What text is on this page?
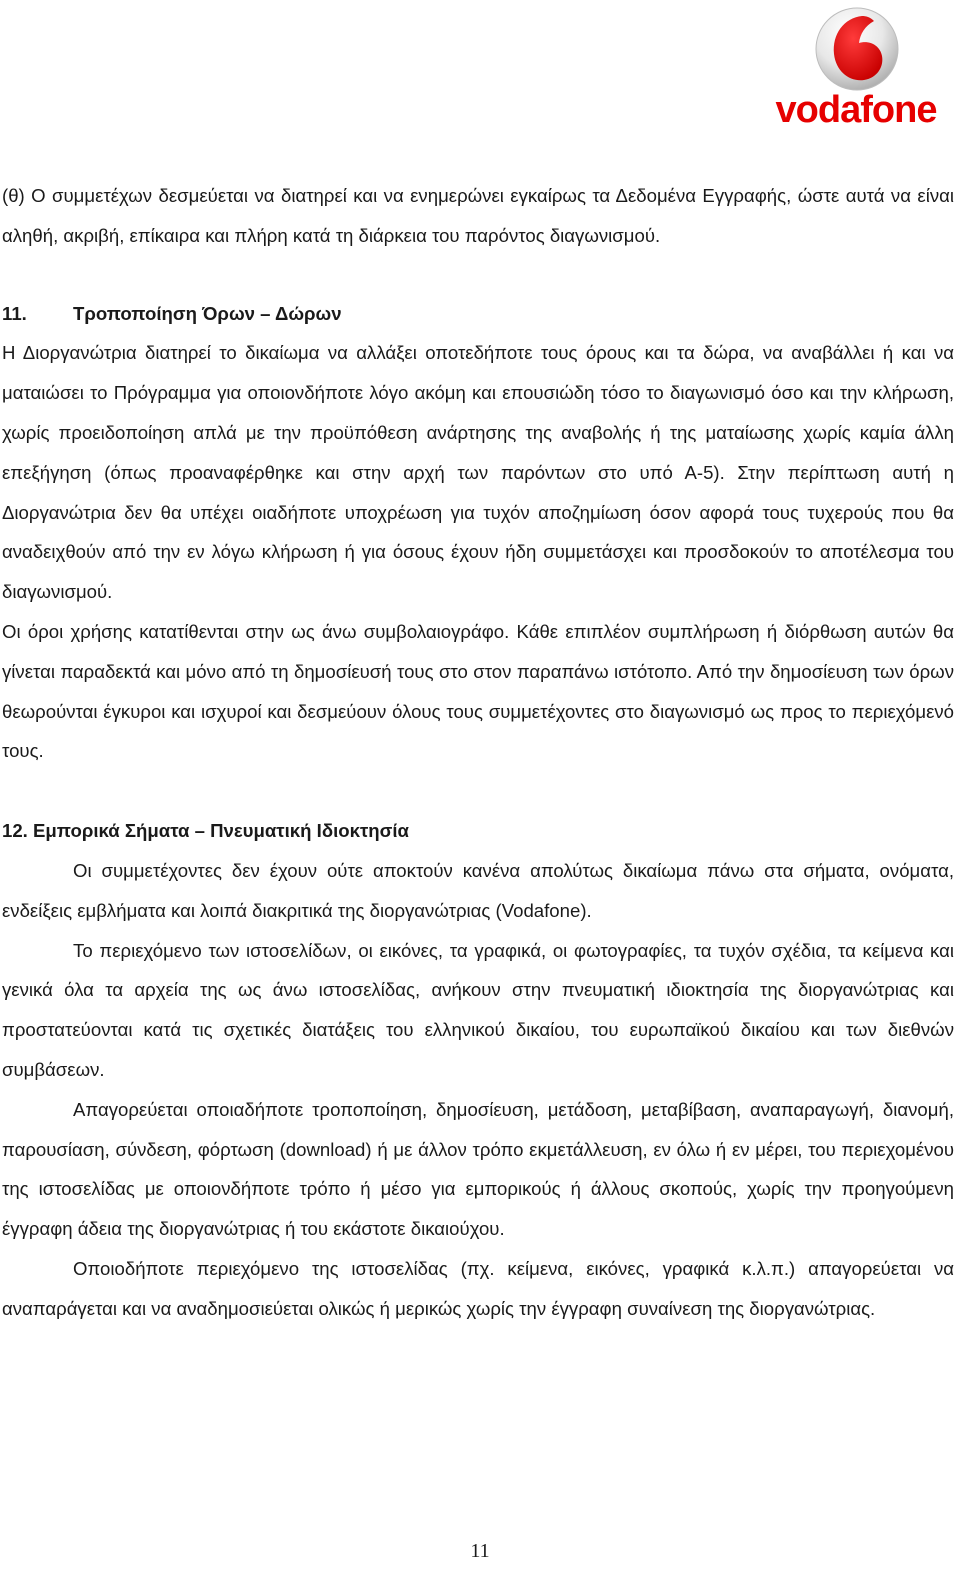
vodafone

(θ) Ο συμμετέχων δεσμεύεται να διατηρεί και να ενημερώνει εγκαίρως τα Δεδομένα Εγγραφής, ώστε αυτά να είναι αληθή, ακριβή, επίκαιρα και πλήρη κατά τη διάρκεια του παρόντος διαγωνισμού.

11. Τροποποίηση Όρων – Δώρων

Η Διοργανώτρια διατηρεί το δικαίωμα να αλλάξει οποτεδήποτε τους όρους και τα δώρα, να αναβάλλει ή και να ματαιώσει το Πρόγραμμα για οποιονδήποτε λόγο ακόμη και επουσιώδη τόσο το διαγωνισμό όσο και την κλήρωση, χωρίς προειδοποίηση απλά με την προϋπόθεση ανάρτησης της αναβολής ή της ματαίωσης χωρίς καμία άλλη επεξήγηση (όπως προαναφέρθηκε και στην αρχή των παρόντων στο υπό Α-5). Στην περίπτωση αυτή η Διοργανώτρια δεν θα υπέχει οιαδήποτε υποχρέωση για τυχόν αποζημίωση όσον αφορά τους τυχερούς που θα αναδειχθούν από την εν λόγω κλήρωση ή για όσους έχουν ήδη συμμετάσχει και προσδοκούν το αποτέλεσμα του διαγωνισμού.

Οι όροι χρήσης κατατίθενται στην ως άνω συμβολαιογράφο. Κάθε επιπλέον συμπλήρωση ή διόρθωση αυτών θα γίνεται παραδεκτά και μόνο από τη δημοσίευσή τους στο στον παραπάνω ιστότοπο. Από την δημοσίευση των όρων θεωρούνται έγκυροι και ισχυροί και δεσμεύουν όλους τους συμμετέχοντες στο διαγωνισμό ως προς το περιεχόμενό τους.

12. Εμπορικά Σήματα – Πνευματική Ιδιοκτησία

Οι συμμετέχοντες δεν έχουν ούτε αποκτούν κανένα απολύτως δικαίωμα πάνω στα σήματα, ονόματα, ενδείξεις εμβλήματα και λοιπά διακριτικά της διοργανώτριας (Vodafone).

Το περιεχόμενο των ιστοσελίδων, οι εικόνες, τα γραφικά, οι φωτογραφίες, τα τυχόν σχέδια, τα κείμενα και γενικά όλα τα αρχεία της ως άνω ιστοσελίδας, ανήκουν στην πνευματική ιδιοκτησία της διοργανώτριας και προστατεύονται κατά τις σχετικές διατάξεις του ελληνικού δικαίου, του ευρωπαϊκού δικαίου και των διεθνών συμβάσεων.

Απαγορεύεται οποιαδήποτε τροποποίηση, δημοσίευση, μετάδοση, μεταβίβαση, αναπαραγωγή, διανομή, παρουσίαση, σύνδεση, φόρτωση (download) ή με άλλον τρόπο εκμετάλλευση, εν όλω ή εν μέρει, του περιεχομένου της ιστοσελίδας με οποιονδήποτε τρόπο ή μέσο για εμπορικούς ή άλλους σκοπούς, χωρίς την προηγούμενη έγγραφη άδεια της διοργανώτριας ή του εκάστοτε δικαιούχου.

Οποιοδήποτε περιεχόμενο της ιστοσελίδας (πχ. κείμενα, εικόνες, γραφικά κ.λ.π.) απαγορεύεται να αναπαράγεται και να αναδημοσιεύεται ολικώς ή μερικώς χωρίς την έγγραφη συναίνεση της διοργανώτριας.

11
